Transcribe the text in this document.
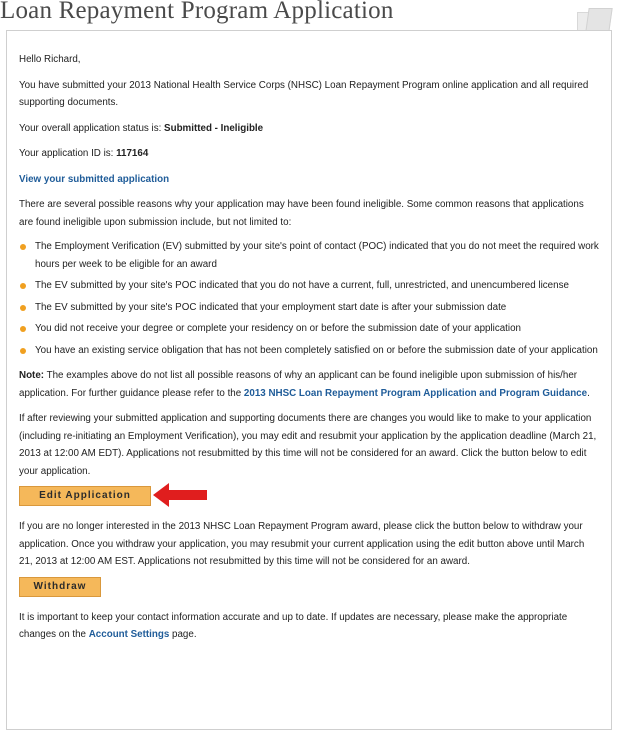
Loan Repayment Program Application

Hello Richard,

You have submitted your 2013 National Health Service Corps (NHSC) Loan Repayment Program online application and all required supporting documents.

Your overall application status is: Submitted - Ineligible

Your application ID is: 117164

View your submitted application

There are several possible reasons why your application may have been found ineligible. Some common reasons that applications are found ineligible upon submission include, but not limited to:

The Employment Verification (EV) submitted by your site's point of contact (POC) indicated that you do not meet the required work hours per week to be eligible for an award
The EV submitted by your site's POC indicated that you do not have a current, full, unrestricted, and unencumbered license
The EV submitted by your site's POC indicated that your employment start date is after your submission date
You did not receive your degree or complete your residency on or before the submission date of your application
You have an existing service obligation that has not been completely satisfied on or before the submission date of your application

Note: The examples above do not list all possible reasons of why an applicant can be found ineligible upon submission of his/her application. For further guidance please refer to the 2013 NHSC Loan Repayment Program Application and Program Guidance.

If after reviewing your submitted application and supporting documents there are changes you would like to make to your application (including re-initiating an Employment Verification), you may edit and resubmit your application by the application deadline (March 21, 2013 at 12:00 AM EDT). Applications not resubmitted by this time will not be considered for an award. Click the button below to edit your application.

Edit Application

If you are no longer interested in the 2013 NHSC Loan Repayment Program award, please click the button below to withdraw your application. Once you withdraw your application, you may resubmit your current application using the edit button above until March 21, 2013 at 12:00 AM EST. Applications not resubmitted by this time will not be considered for an award.

Withdraw

It is important to keep your contact information accurate and up to date. If updates are necessary, please make the appropriate changes on the Account Settings page.
